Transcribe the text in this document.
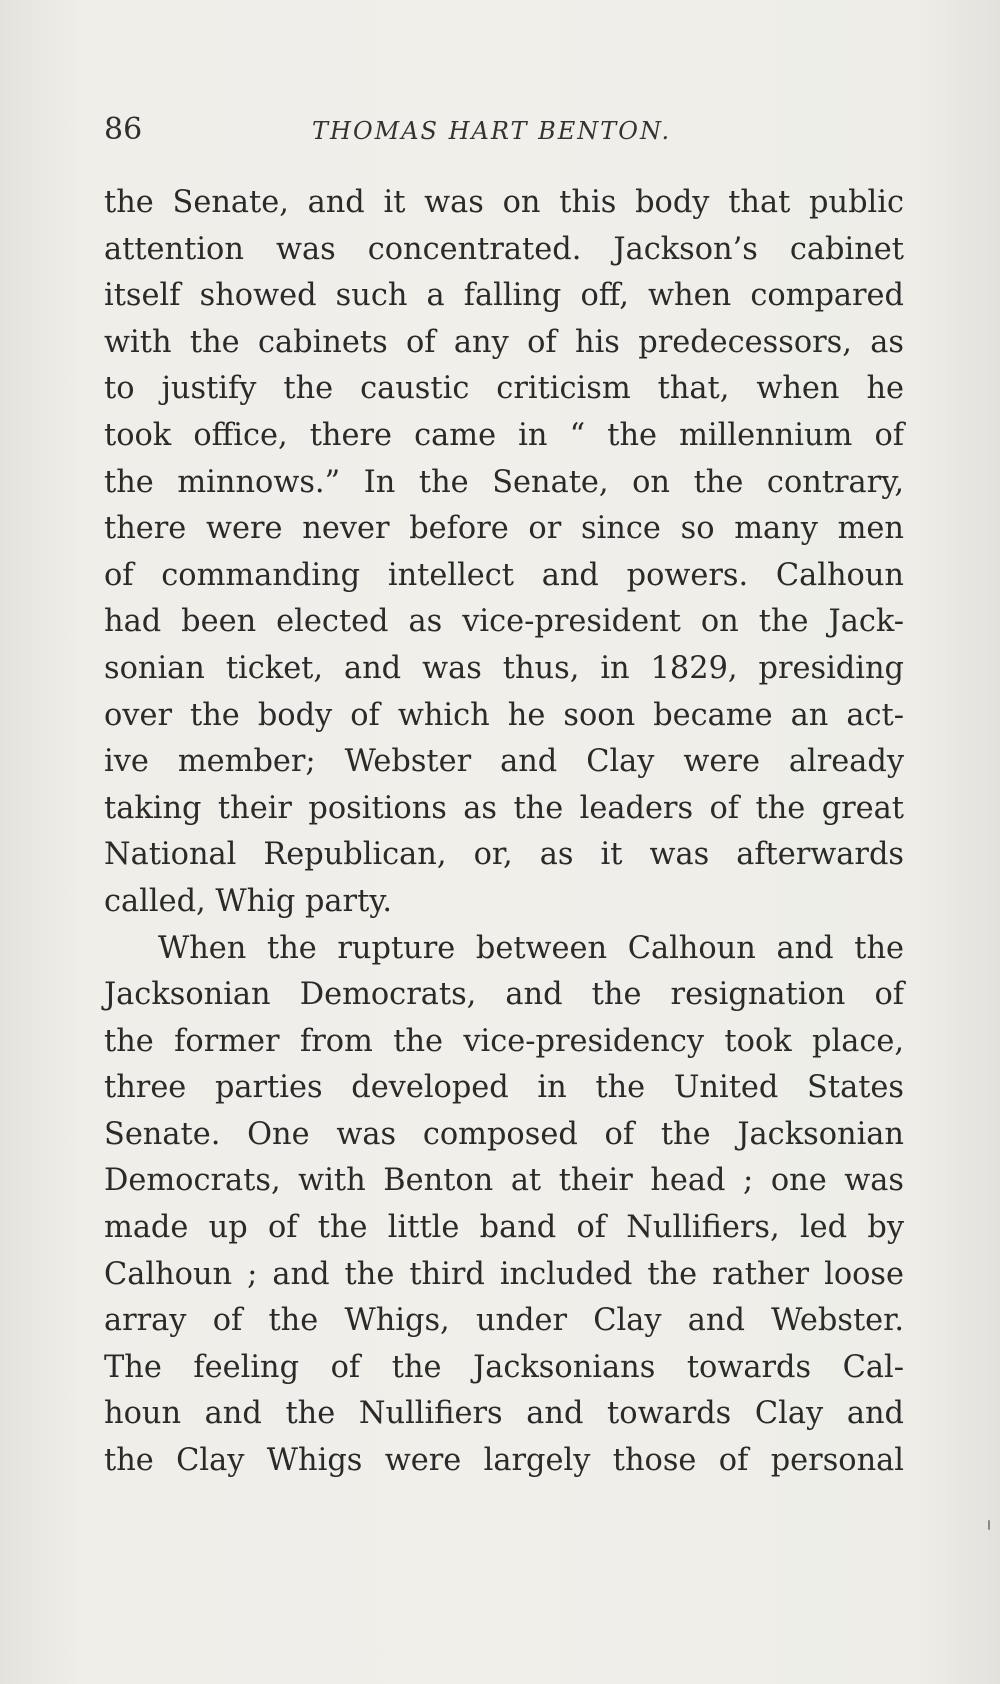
86	THOMAS HART BENTON.
the Senate, and it was on this body that public
attention was concentrated. Jackson’s cabinet
itself showed such a falling off, when compared
with the cabinets of any of his predecessors, as
to justify the caustic criticism that, when he
took office, there came in “ the millennium of
the minnows.” In the Senate, on the contrary,
there were never before or since so many men
of commanding intellect and powers. Calhoun
had been elected as vice-president on the Jack-
sonian ticket, and was thus, in 1829, presiding
over the body of which he soon became an act-
ive member; Webster and Clay were already
taking their positions as the leaders of the great
National Republican, or, as it was afterwards
called, Whig party.
When the rupture between Calhoun and the
Jacksonian Democrats, and the resignation of
the former from the vice-presidency took place,
three parties developed in the United States
Senate. One was composed of the Jacksonian
Democrats, with Benton at their head ; one was
made up of the little band of Nullifiers, led by
Calhoun ; and the third included the rather loose
array of the Whigs, under Clay and Webster.
The feeling of the Jacksonians towards Cal-
houn and the Nullifiers and towards Clay and
the Clay Whigs were largely those of personal
